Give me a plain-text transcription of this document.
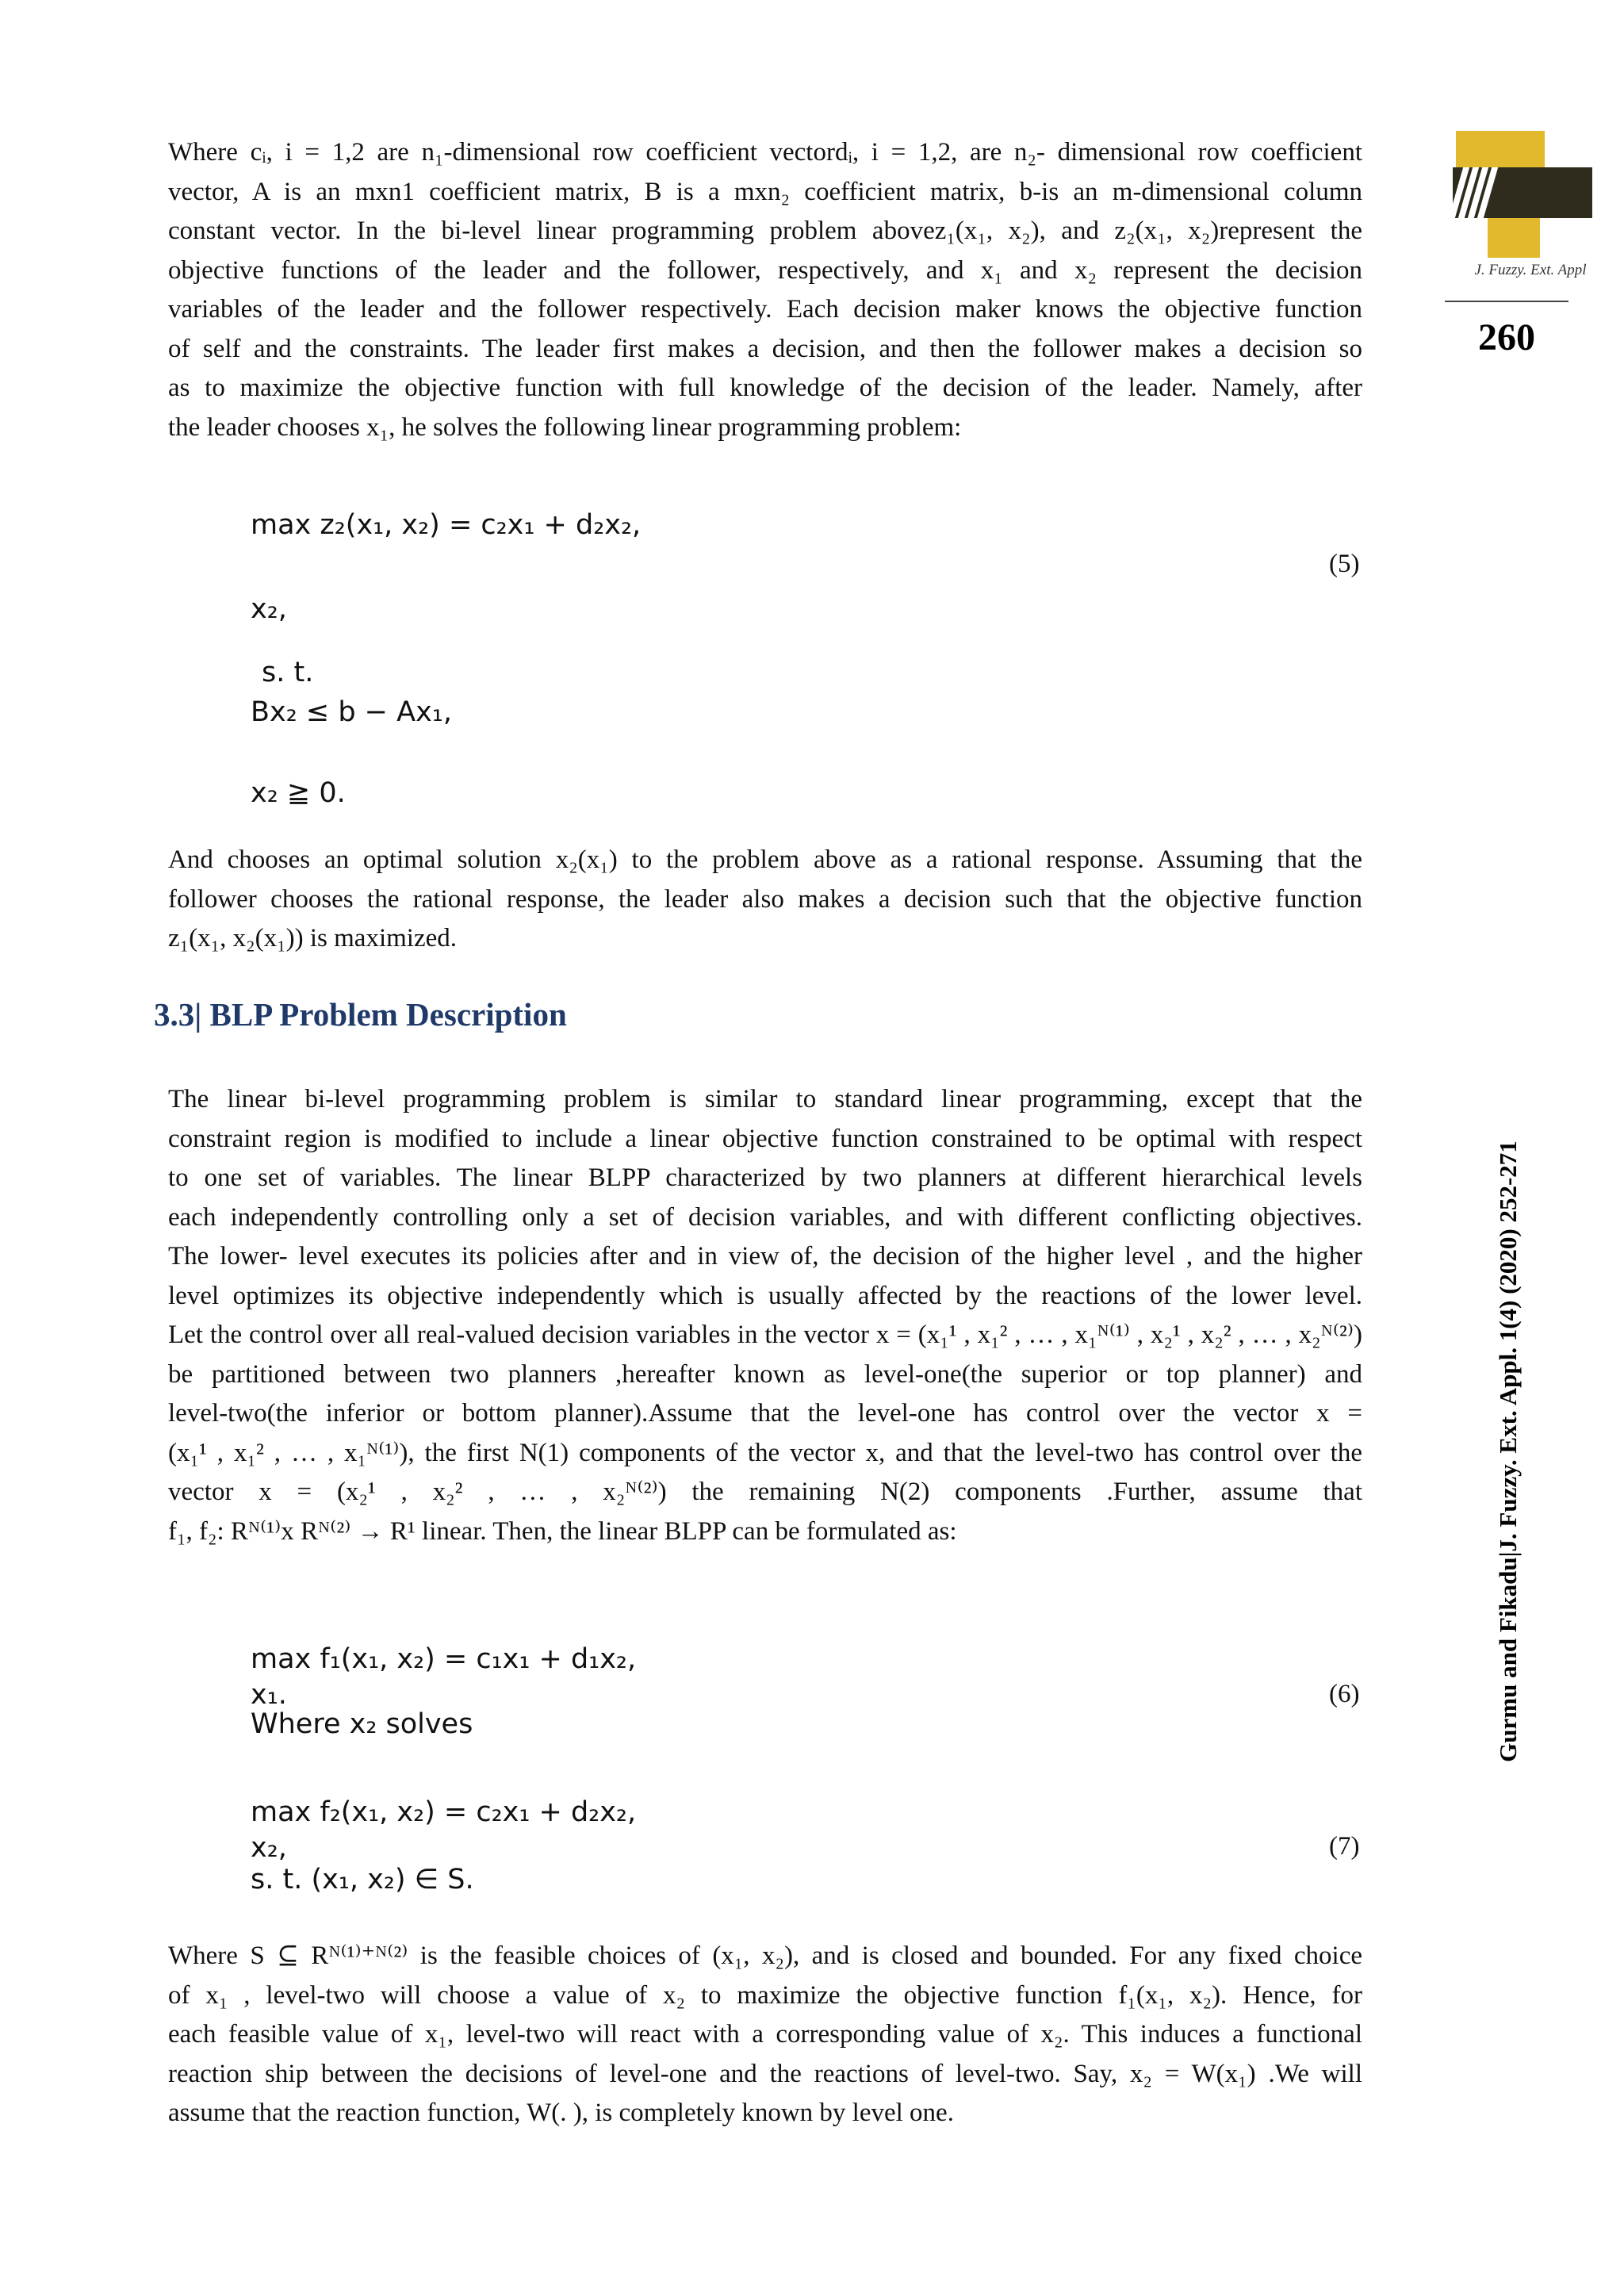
J. Fuzzy. Ext. Appl
260
Gurmu and Fikadu|J. Fuzzy. Ext. Appl. 1(4) (2020) 252-271
Where cᵢ, i = 1,2 are n₁-dimensional row coefficient vectordᵢ, i = 1,2, are n₂- dimensional row coefficient
vector, A is an mxn1 coefficient matrix, B is a mxn₂ coefficient matrix, b-is an m-dimensional column
constant vector. In the bi-level linear programming problem abovez₁(x₁, x₂), and z₂(x₁, x₂)represent the
objective functions of the leader and the follower, respectively, and x₁ and x₂ represent the decision
variables of the leader and the follower respectively. Each decision maker knows the objective function
of self and the constraints. The leader first makes a decision, and then the follower makes a decision so
as to maximize the objective function with full knowledge of the decision of the leader. Namely, after
the leader chooses x₁, he solves the following linear programming problem:
max z₂(x₁, x₂) = c₂x₁ + d₂x₂,
(5)
x₂,
s. t.
Bx₂ ≤ b − Ax₁,
x₂ ≧ 0.
And chooses an optimal solution x₂(x₁) to the problem above as a rational response. Assuming that the
follower chooses the rational response, the leader also makes a decision such that the objective function
z₁(x₁, x₂(x₁)) is maximized.
3.3| BLP Problem Description
The linear bi-level programming problem is similar to standard linear programming, except that the
constraint region is modified to include a linear objective function constrained to be optimal with respect
to one set of variables. The linear BLPP characterized by two planners at different hierarchical levels
each independently controlling only a set of decision variables, and with different conflicting objectives.
The lower- level executes its policies after and in view of, the decision of the higher level , and the higher
level optimizes its objective independently which is usually affected by the reactions of the lower level.
Let the control over all real-valued decision variables in the vector x = (x₁¹ , x₁² , … , x₁ᴺ⁽¹⁾ , x₂¹ , x₂² , … , x₂ᴺ⁽²⁾)
be partitioned between two planners ,hereafter known as level-one(the superior or top planner) and
level-two(the inferior or bottom planner).Assume that the level-one has control over the vector x =
(x₁¹ , x₁² , … , x₁ᴺ⁽¹⁾), the first N(1) components of the vector x, and that the level-two has control over the
vector x = (x₂¹ , x₂² , … , x₂ᴺ⁽²⁾) the remaining N(2) components .Further, assume that
f₁, f₂: Rᴺ⁽¹⁾x Rᴺ⁽²⁾ → R¹ linear. Then, the linear BLPP can be formulated as:
max f₁(x₁, x₂) = c₁x₁ + d₁x₂,
x₁.	(6)
Where x₂ solves
max f₂(x₁, x₂) = c₂x₁ + d₂x₂,
x₂,	(7)
s. t. (x₁, x₂) ∈ S.
Where S ⊆ Rᴺ⁽¹⁾⁺ᴺ⁽²⁾ is the feasible choices of (x₁, x₂), and is closed and bounded. For any fixed choice
of x₁ , level-two will choose a value of x₂ to maximize the objective function f₁(x₁, x₂). Hence, for
each feasible value of x₁, level-two will react with a corresponding value of x₂. This induces a functional
reaction ship between the decisions of level-one and the reactions of level-two. Say, x₂ = W(x₁) .We will
assume that the reaction function, W(. ), is completely known by level one.
